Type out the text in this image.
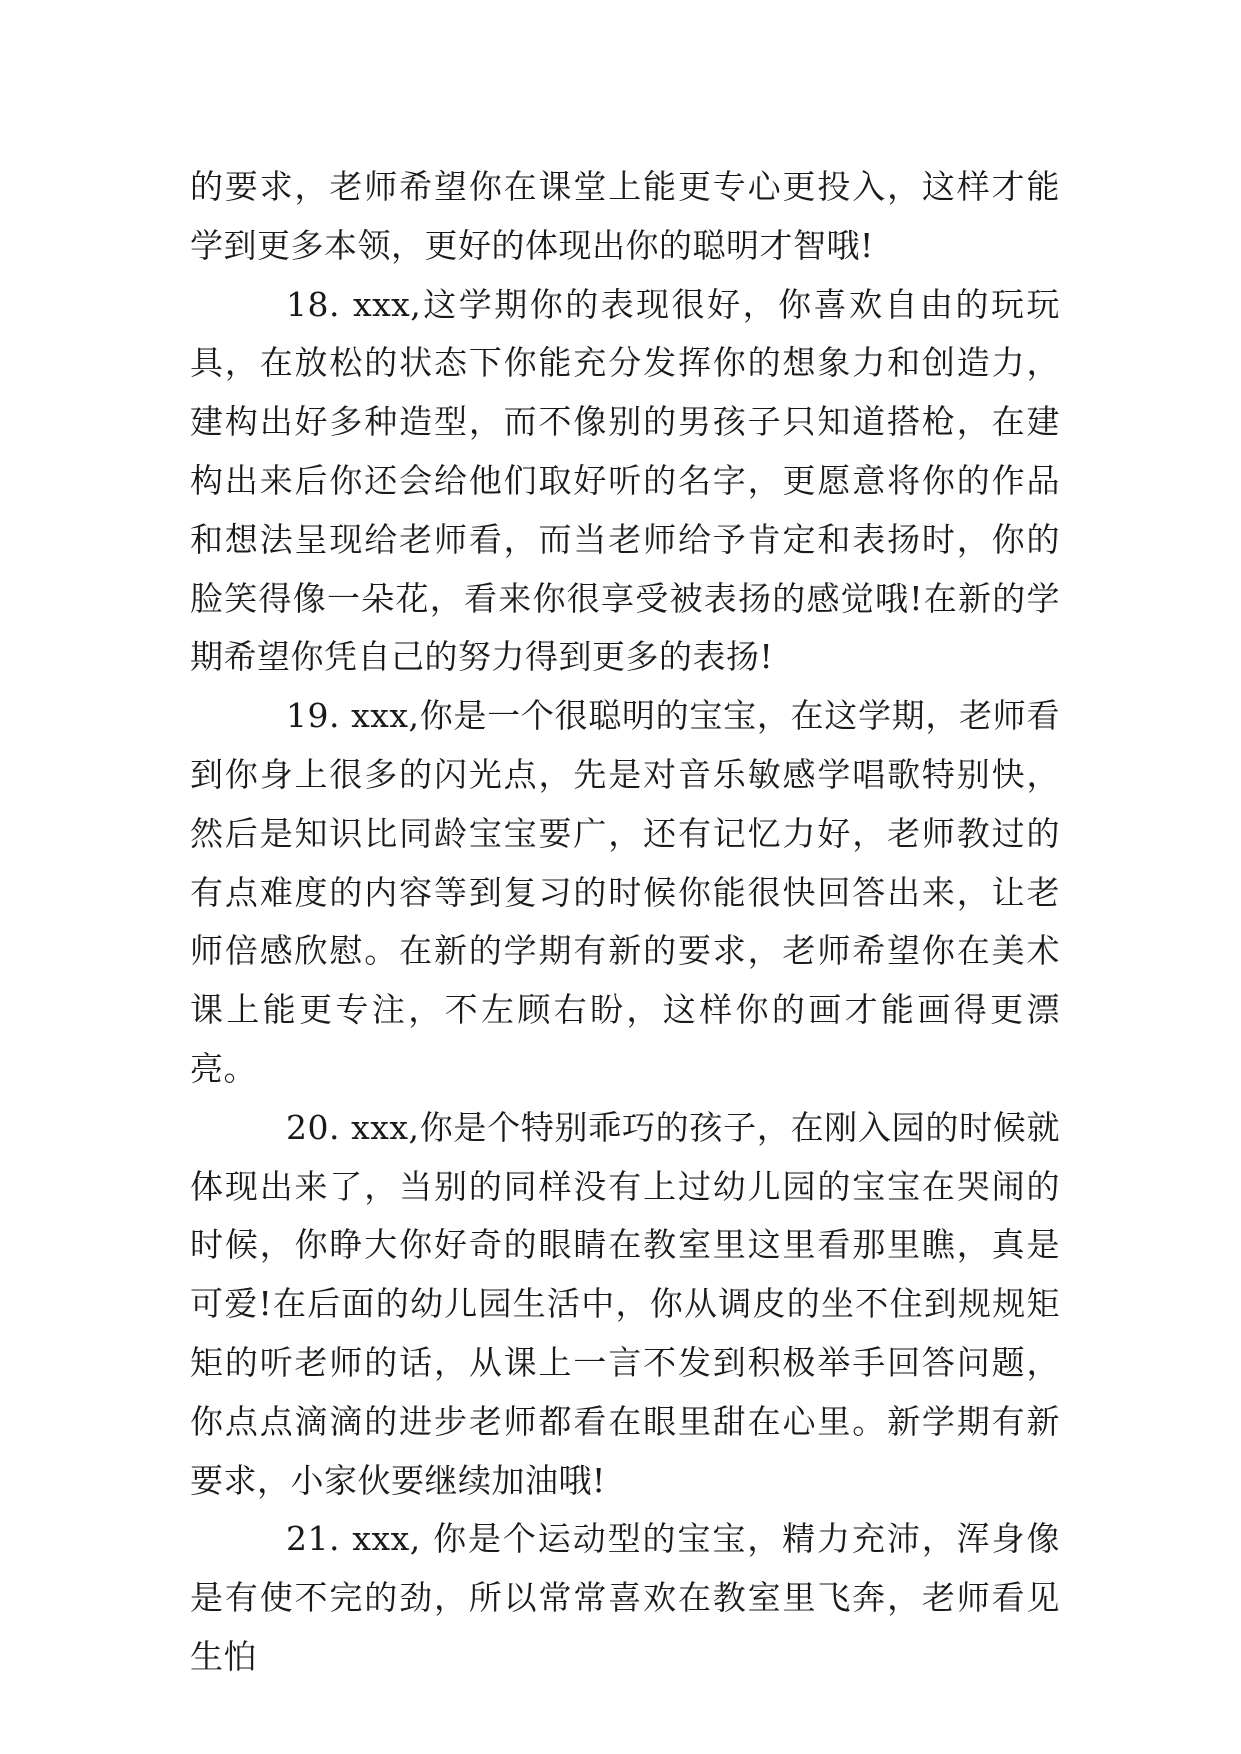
的要求，老师希望你在课堂上能更专心更投入，这样才能学到更多本领，更好的体现出你的聪明才智哦!

18. xxx,这学期你的表现很好，你喜欢自由的玩玩具，在放松的状态下你能充分发挥你的想象力和创造力，建构出好多种造型，而不像别的男孩子只知道搭枪，在建构出来后你还会给他们取好听的名字，更愿意将你的作品和想法呈现给老师看，而当老师给予肯定和表扬时，你的脸笑得像一朵花，看来你很享受被表扬的感觉哦!在新的学期希望你凭自己的努力得到更多的表扬!

19. xxx,你是一个很聪明的宝宝，在这学期，老师看到你身上很多的闪光点，先是对音乐敏感学唱歌特别快，然后是知识比同龄宝宝要广，还有记忆力好，老师教过的有点难度的内容等到复习的时候你能很快回答出来，让老师倍感欣慰。在新的学期有新的要求，老师希望你在美术课上能更专注，不左顾右盼，这样你的画才能画得更漂亮。

20. xxx,你是个特别乖巧的孩子，在刚入园的时候就体现出来了，当别的同样没有上过幼儿园的宝宝在哭闹的时候，你睁大你好奇的眼睛在教室里这里看那里瞧，真是可爱!在后面的幼儿园生活中，你从调皮的坐不住到规规矩矩的听老师的话，从课上一言不发到积极举手回答问题，你点点滴滴的进步老师都看在眼里甜在心里。新学期有新要求，小家伙要继续加油哦!

21. xxx, 你是个运动型的宝宝，精力充沛，浑身像是有使不完的劲，所以常常喜欢在教室里飞奔，老师看见生怕
